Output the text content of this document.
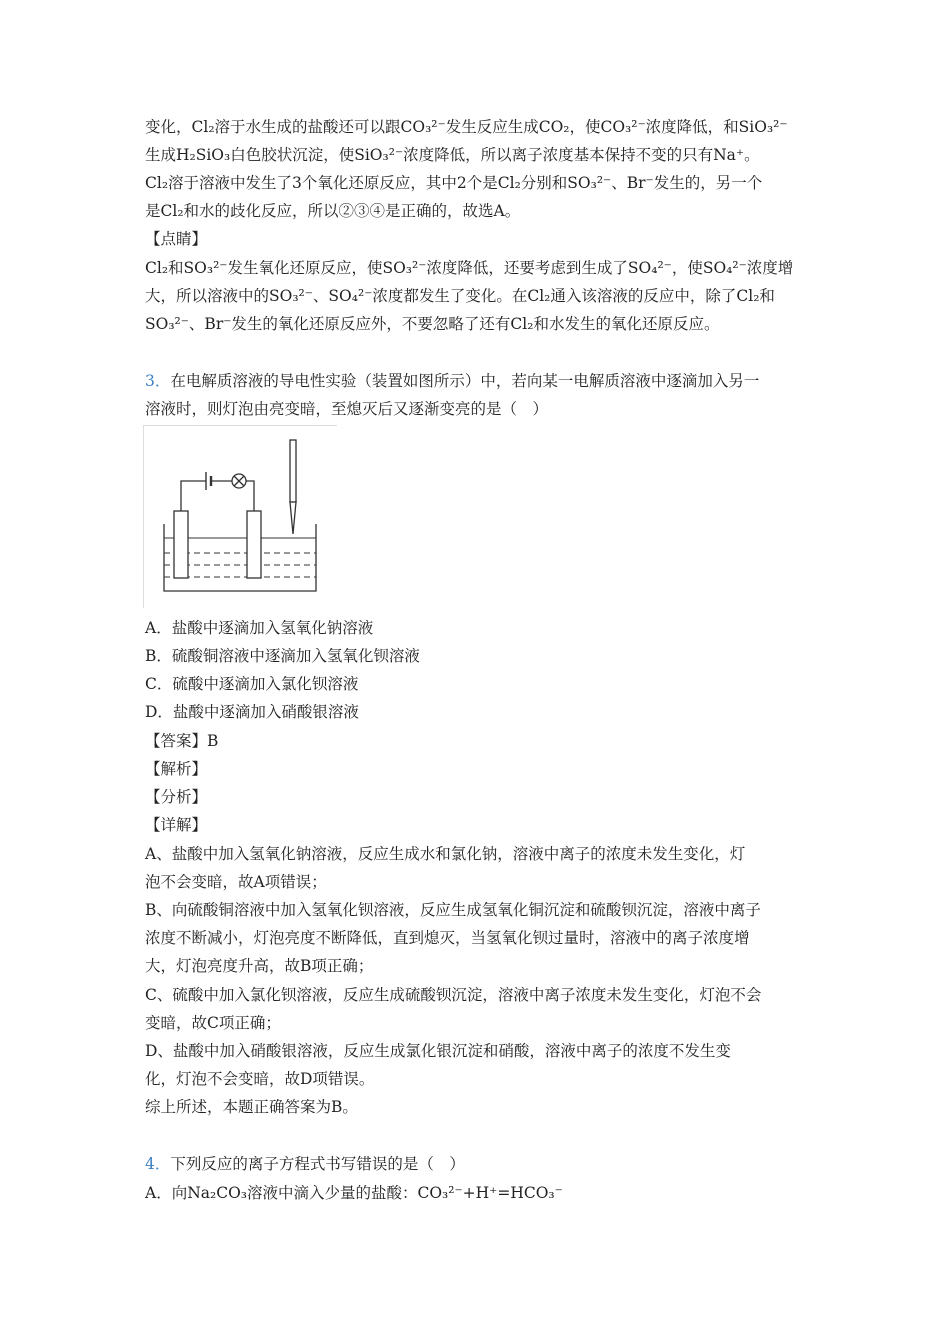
变化，Cl₂溶于水生成的盐酸还可以跟CO₃²⁻发生反应生成CO₂，使CO₃²⁻浓度降低，和SiO₃²⁻
生成H₂SiO₃白色胶状沉淀，使SiO₃²⁻浓度降低，所以离子浓度基本保持不变的只有Na⁺。
Cl₂溶于溶液中发生了3个氧化还原反应，其中2个是Cl₂分别和SO₃²⁻、Br⁻发生的，另一个
是Cl₂和水的歧化反应，所以②③④是正确的，故选A。
【点睛】
Cl₂和SO₃²⁻发生氧化还原反应，使SO₃²⁻浓度降低，还要考虑到生成了SO₄²⁻，使SO₄²⁻浓度增
大，所以溶液中的SO₃²⁻、SO₄²⁻浓度都发生了变化。在Cl₂通入该溶液的反应中，除了Cl₂和
SO₃²⁻、Br⁻发生的氧化还原反应外，不要忽略了还有Cl₂和水发生的氧化还原反应。
3．在电解质溶液的导电性实验（装置如图所示）中，若向某一电解质溶液中逐滴加入另一
溶液时，则灯泡由亮变暗，至熄灭后又逐渐变亮的是（　）
A．盐酸中逐滴加入氢氧化钠溶液
B．硫酸铜溶液中逐滴加入氢氧化钡溶液
C．硫酸中逐滴加入氯化钡溶液
D．盐酸中逐滴加入硝酸银溶液
【答案】B
【解析】
【分析】
【详解】
A、盐酸中加入氢氧化钠溶液，反应生成水和氯化钠，溶液中离子的浓度未发生变化，灯
泡不会变暗，故A项错误；
B、向硫酸铜溶液中加入氢氧化钡溶液，反应生成氢氧化铜沉淀和硫酸钡沉淀，溶液中离子
浓度不断减小，灯泡亮度不断降低，直到熄灭，当氢氧化钡过量时，溶液中的离子浓度增
大，灯泡亮度升高，故B项正确；
C、硫酸中加入氯化钡溶液，反应生成硫酸钡沉淀，溶液中离子浓度未发生变化，灯泡不会
变暗，故C项正确；
D、盐酸中加入硝酸银溶液，反应生成氯化银沉淀和硝酸，溶液中离子的浓度不发生变
化，灯泡不会变暗，故D项错误。
综上所述，本题正确答案为B。
4．下列反应的离子方程式书写错误的是（　）
A．向Na₂CO₃溶液中滴入少量的盐酸：CO₃²⁻+H⁺=HCO₃⁻
